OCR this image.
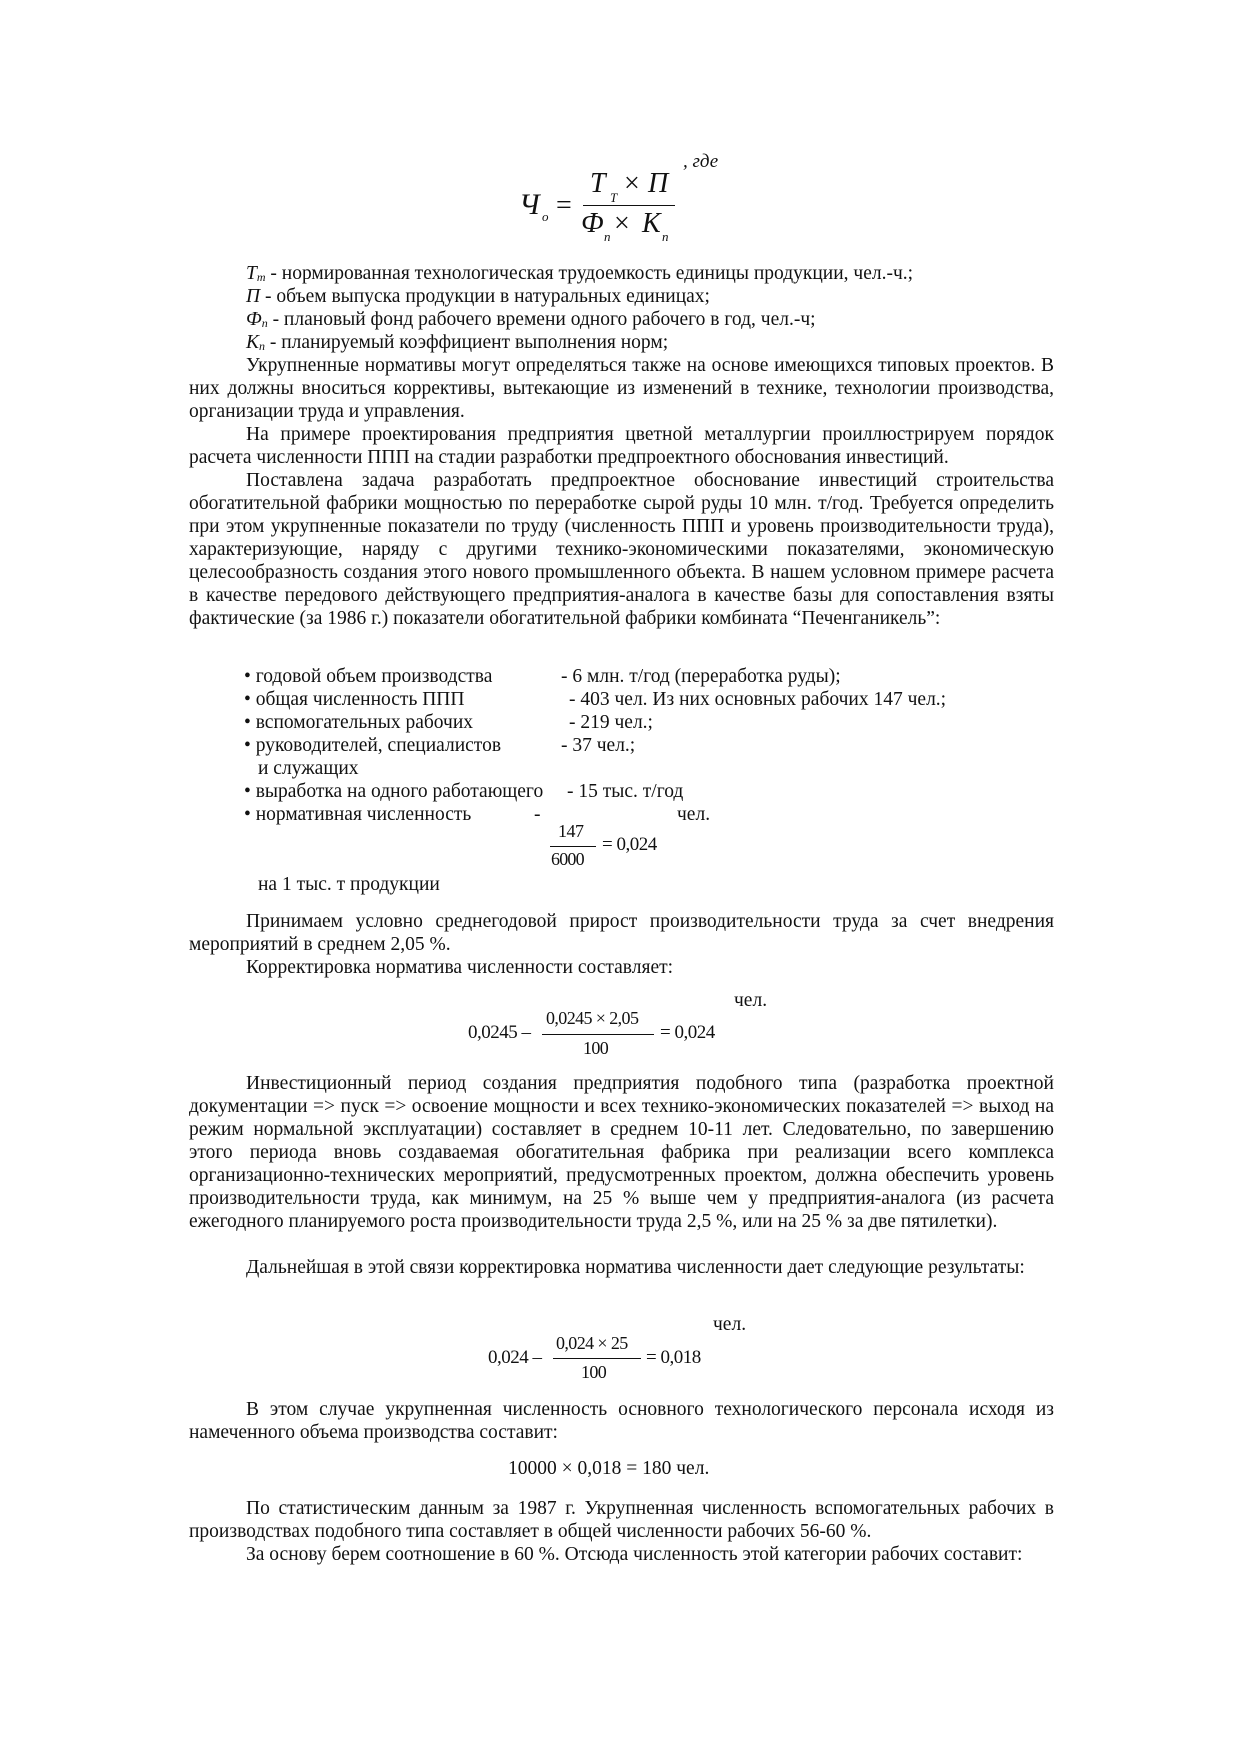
, где
Ч о =
Т Т × П
Ф п × К п
$Т_т$ - нормированная технологическая трудоемкость единицы продукции, чел.-ч.;
П - объем выпуска продукции в натуральных единицах;
$Ф_п$ - плановый фонд рабочего времени одного рабочего в год, чел.-ч;
$К_п$ - планируемый коэффициент выполнения норм;

Укрупненные нормативы могут определяться также на основе имеющихся типовых проектов. В них должны вноситься коррективы, вытекающие из изменений в технике, технологии производства, организации труда и управления.

На примере проектирования предприятия цветной металлургии проиллюстрируем порядок расчета численности ППП на стадии разработки предпроектного обоснования инвестиций.

Поставлена задача разработать предпроектное обоснование инвестиций строительства обогатительной фабрики мощностью по переработке сырой руды 10 млн. т/год. Требуется определить при этом укрупненные показатели по труду (численность ППП и уровень производительности труда), характеризующие, наряду с другими технико-экономическими показателями, экономическую целесообразность создания этого нового промышленного объекта. В нашем условном примере расчета в качестве передового действующего предприятия-аналога в качестве базы для сопоставления взяты фактические (за 1986 г.) показатели обогатительной фабрики комбината “Печенганикель”:

• годовой объем производства	- 6 млн. т/год (переработка руды);
• общая численность ППП	- 403 чел. Из них основных рабочих 147 чел.;
• вспомогательных рабочих	- 219 чел.;
• руководителей, специалистов	- 37 чел.;
и служащих
• выработка на одного работающего - 15 тыс. т/год
• нормативная численность	-	чел.
147
6000
= 0,024
на 1 тыс. т продукции

Принимаем условно среднегодовой прирост производительности труда за счет внедрения мероприятий в среднем 2,05 %.

Корректировка норматива численности составляет:

чел.
0,0245 –
0,0245 × 2,05
100
= 0,024

Инвестиционный период создания предприятия подобного типа (разработка проектной документации => пуск => освоение мощности и всех технико-экономических показателей => выход на режим нормальной эксплуатации) составляет в среднем 10-11 лет. Следовательно, по завершению этого периода вновь создаваемая обогатительная фабрика при реализации всего комплекса организационно-технических мероприятий, предусмотренных проектом, должна обеспечить уровень производительности труда, как минимум, на 25 % выше чем у предприятия-аналога (из расчета ежегодного планируемого роста производительности труда 2,5 %, или на 25 % за две пятилетки).

Дальнейшая в этой связи корректировка норматива численности дает следующие результаты:

чел.
0,024 –
0,024 × 25
100
= 0,018

В этом случае укрупненная численность основного технологического персонала исходя из намеченного объема производства составит:

10000 × 0,018 = 180 чел.

По статистическим данным за 1987 г. Укрупненная численность вспомогательных рабочих в производствах подобного типа составляет в общей численности рабочих 56-60 %.

За основу берем соотношение в 60 %. Отсюда численность этой категории рабочих составит:
